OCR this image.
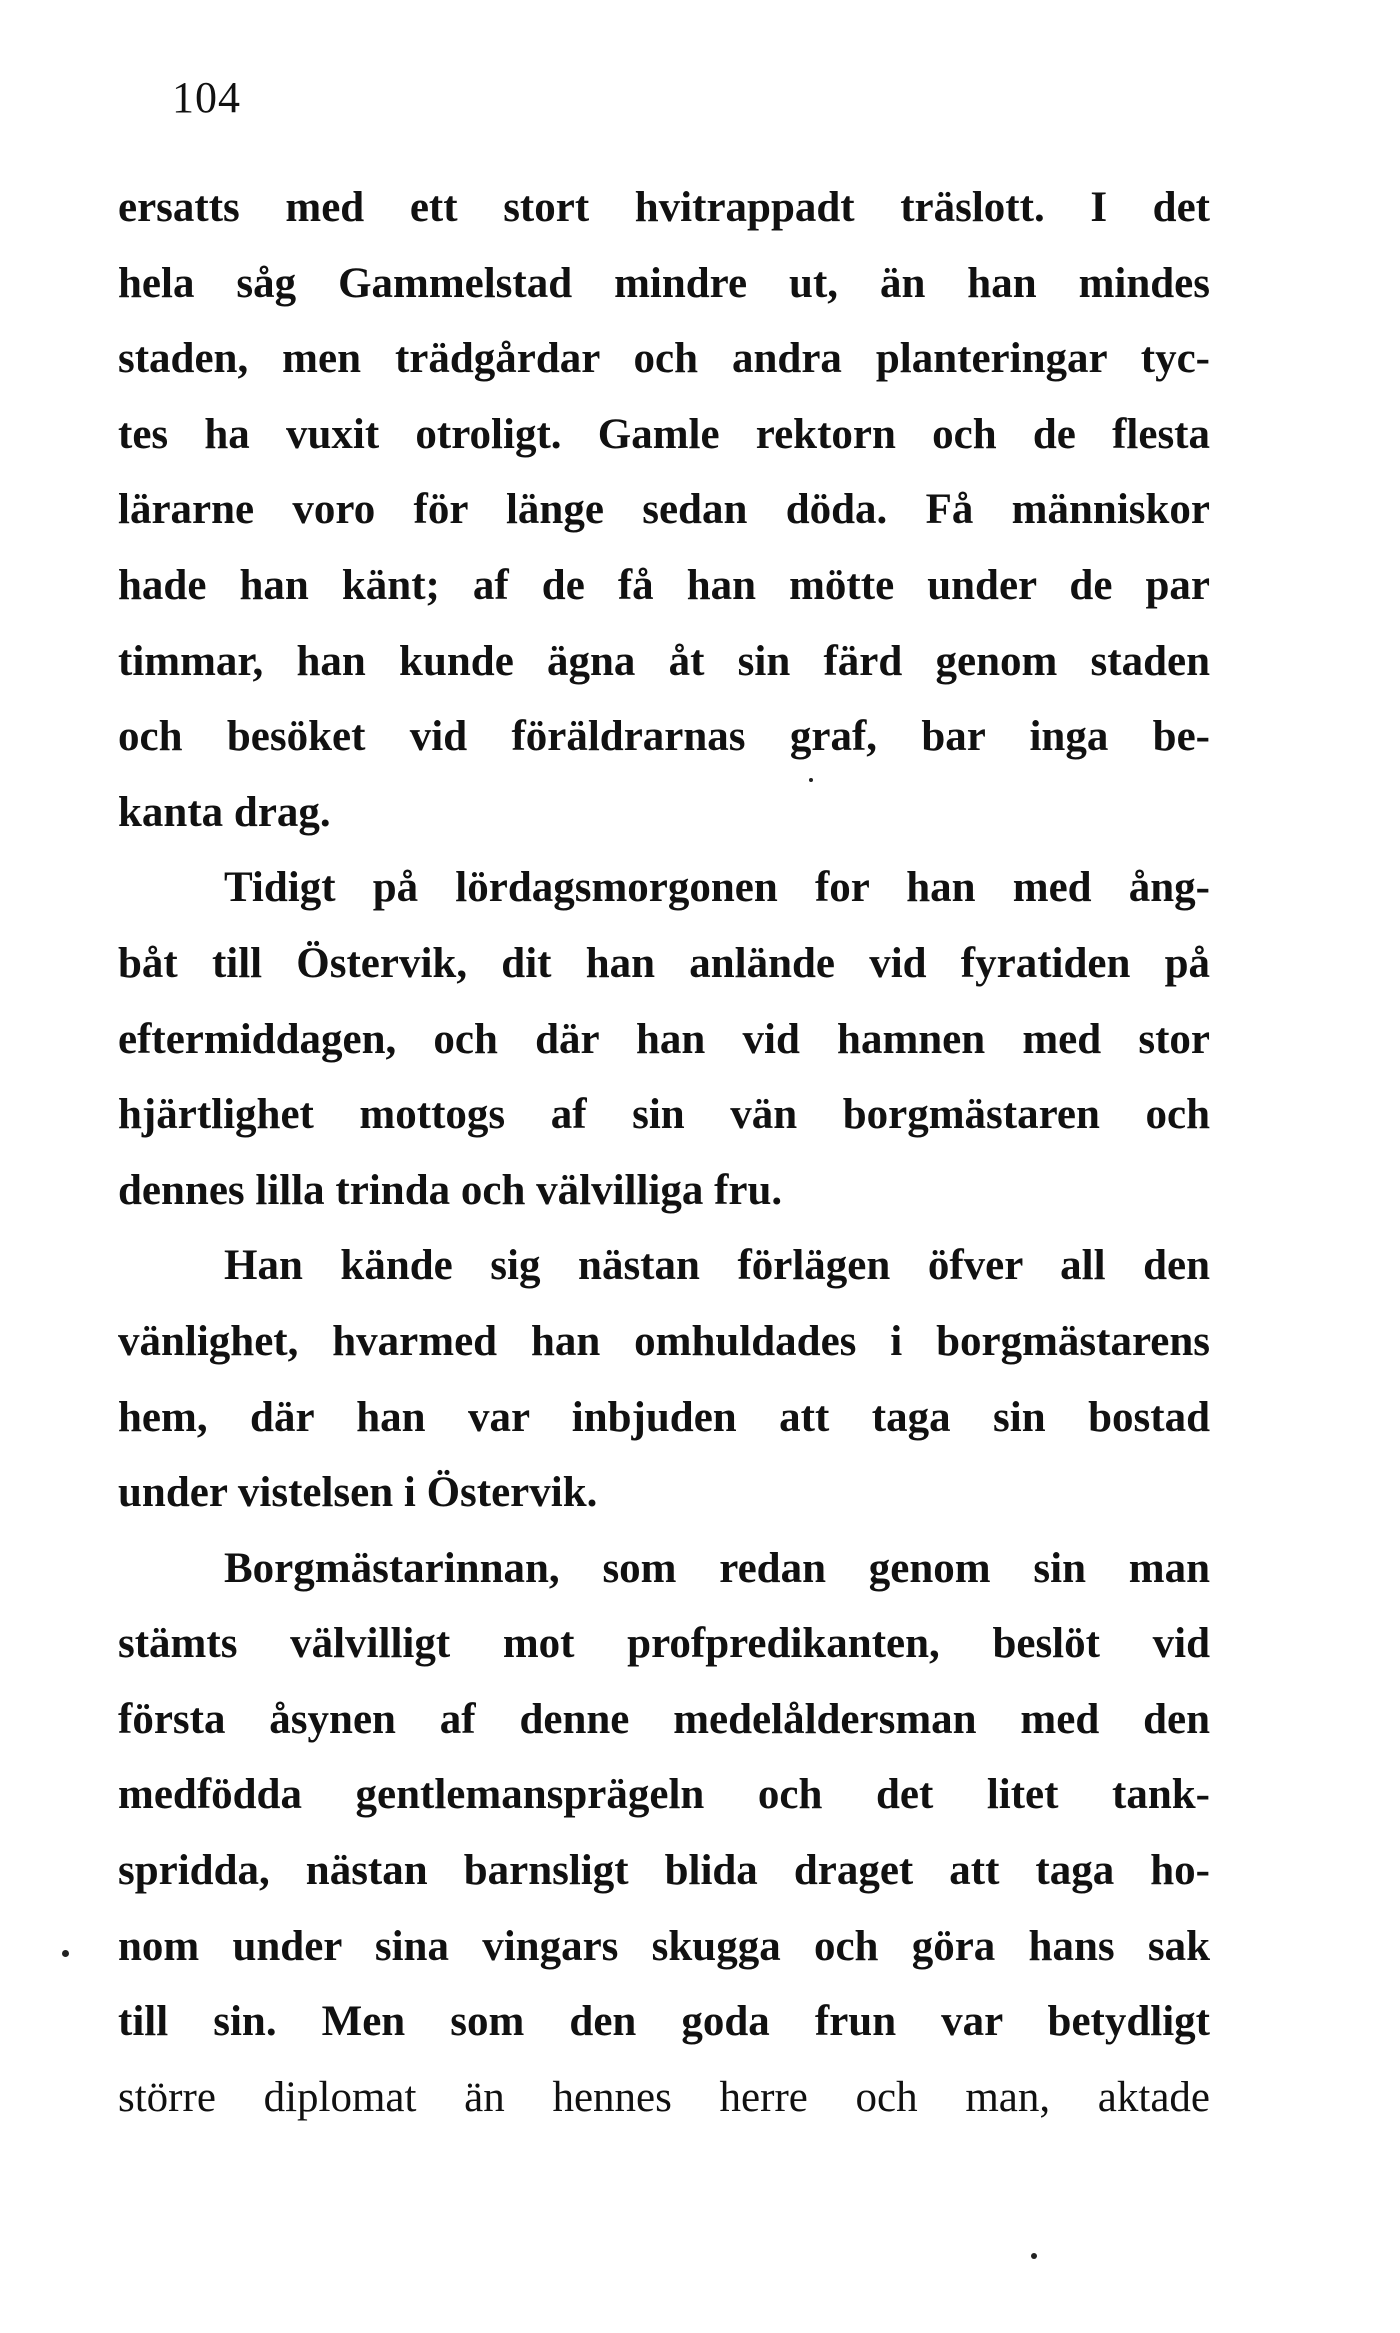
104
ersatts med ett stort hvitrappadt träslott. I det
hela såg Gammelstad mindre ut, än han mindes
staden, men trädgårdar och andra planteringar tyc-
tes ha vuxit otroligt. Gamle rektorn och de flesta
lärarne voro för länge sedan döda. Få människor
hade han känt; af de få han mötte under de par
timmar, han kunde ägna åt sin färd genom staden
och besöket vid föräldrarnas graf, bar inga be-
kanta drag.
Tidigt på lördagsmorgonen for han med ång-
båt till Östervik, dit han anlände vid fyratiden på
eftermiddagen, och där han vid hamnen med stor
hjärtlighet mottogs af sin vän borgmästaren och
dennes lilla trinda och välvilliga fru.
Han kände sig nästan förlägen öfver all den
vänlighet, hvarmed han omhuldades i borgmästarens
hem, där han var inbjuden att taga sin bostad
under vistelsen i Östervik.
Borgmästarinnan, som redan genom sin man
stämts välvilligt mot profpredikanten, beslöt vid
första åsynen af denne medelåldersman med den
medfödda gentlemansprägeln och det litet tank-
spridda, nästan barnsligt blida draget att taga ho-
nom under sina vingars skugga och göra hans sak
till sin. Men som den goda frun var betydligt
större diplomat än hennes herre och man, aktade
